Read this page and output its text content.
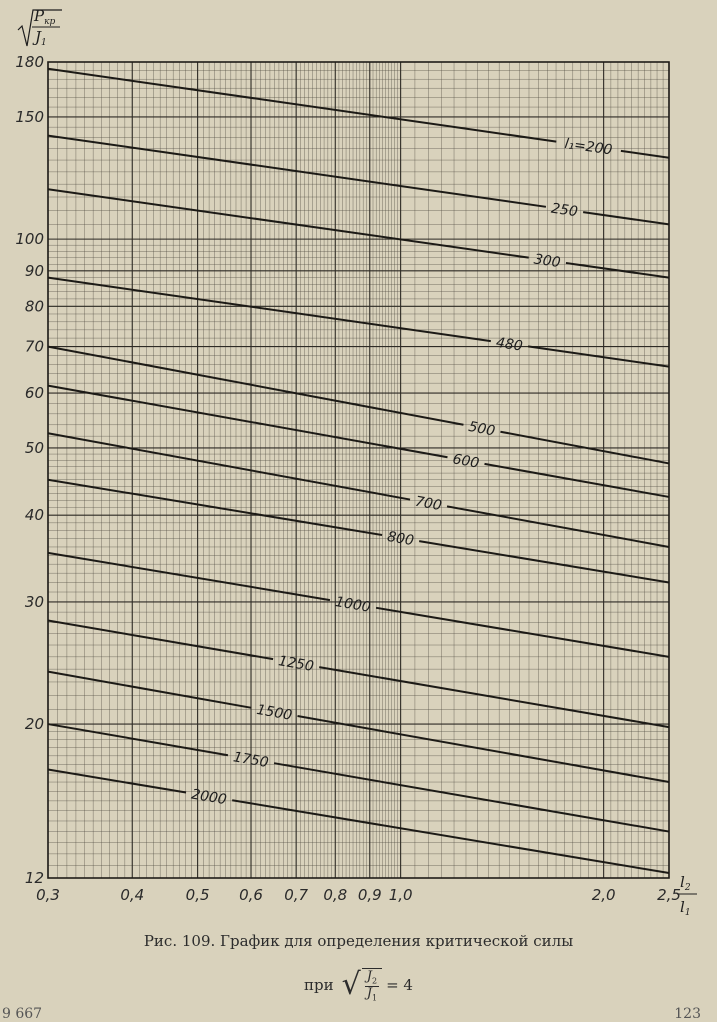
l₁=200
250
300
480
500
600
700
800
1000
1250
1500
1750
2000
180
150
100
90
80
70
60
50
40
30
20
12
0,3	0,4	0,5 0,6 0,7 0,8 0,9 1,0	2,0	2,5
$P_{кр}$
$J_1$
$l_2$
$l_1$
Рис. 109. График для определения критической силы
при √ $\frac{J_2}{J_1} = 4$
9 667	123
